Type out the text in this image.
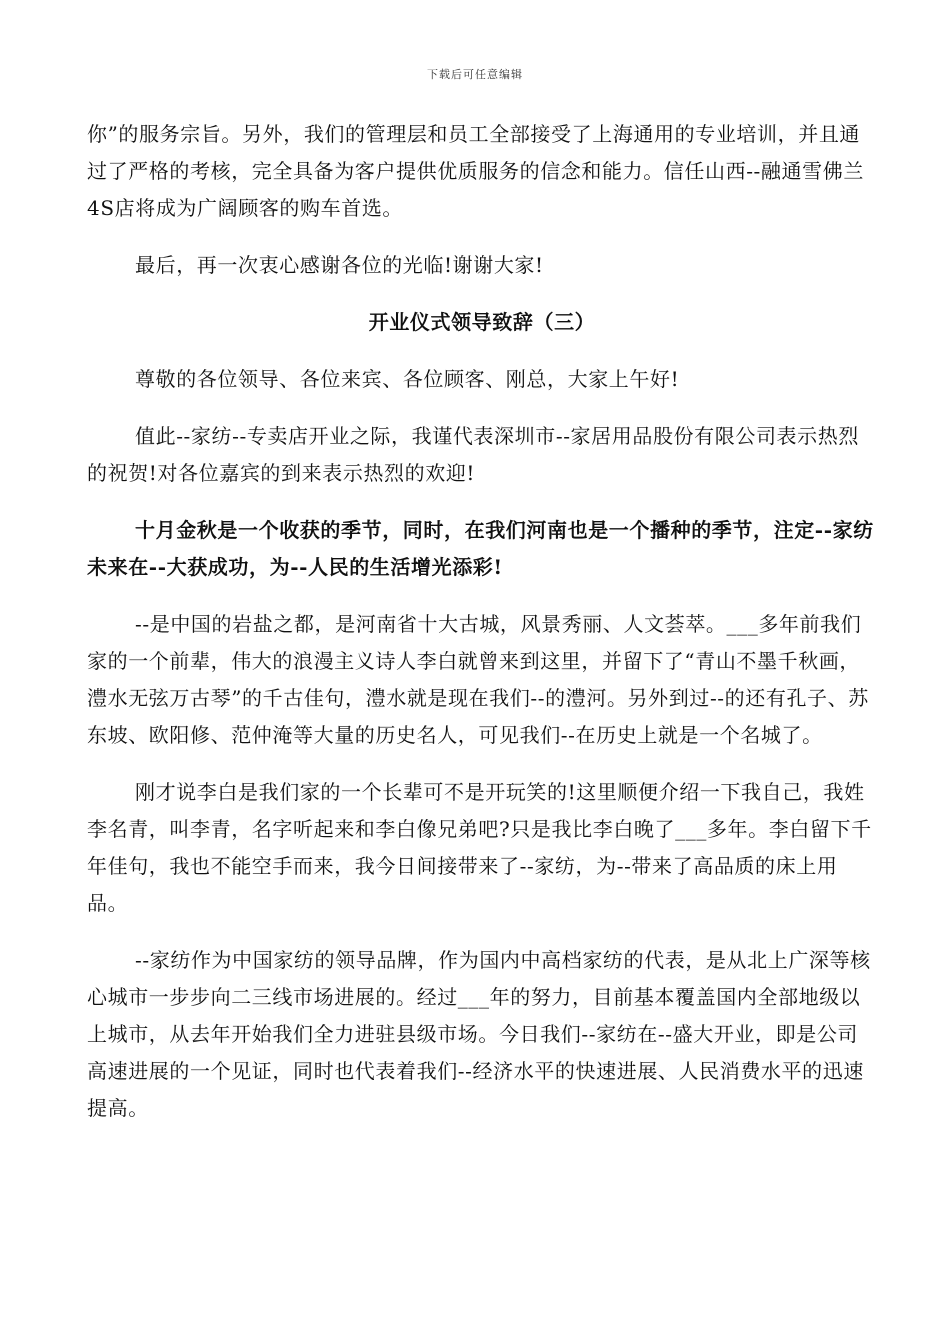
下载后可任意编辑

你”的服务宗旨。另外，我们的管理层和员工全部接受了上海通用的专业培训，并且通过了严格的考核，完全具备为客户提供优质服务的信念和能力。信任山西--融通雪佛兰4S店将成为广阔顾客的购车首选。

最后，再一次衷心感谢各位的光临!谢谢大家!

开业仪式领导致辞（三）

尊敬的各位领导、各位来宾、各位顾客、刚总，大家上午好!

值此--家纺--专卖店开业之际，我谨代表深圳市--家居用品股份有限公司表示热烈的祝贺!对各位嘉宾的到来表示热烈的欢迎!

十月金秋是一个收获的季节，同时，在我们河南也是一个播种的季节，注定--家纺未来在--大获成功，为--人民的生活增光添彩!

--是中国的岩盐之都，是河南省十大古城，风景秀丽、人文荟萃。___多年前我们家的一个前辈，伟大的浪漫主义诗人李白就曾来到这里，并留下了“青山不墨千秋画，澧水无弦万古琴”的千古佳句，澧水就是现在我们--的澧河。另外到过--的还有孔子、苏东坡、欧阳修、范仲淹等大量的历史名人，可见我们--在历史上就是一个名城了。

刚才说李白是我们家的一个长辈可不是开玩笑的!这里顺便介绍一下我自己，我姓李名青，叫李青，名字听起来和李白像兄弟吧?只是我比李白晚了___多年。李白留下千年佳句，我也不能空手而来，我今日间接带来了--家纺，为--带来了高品质的床上用品。

--家纺作为中国家纺的领导品牌，作为国内中高档家纺的代表，是从北上广深等核心城市一步步向二三线市场进展的。经过___年的努力，目前基本覆盖国内全部地级以上城市，从去年开始我们全力进驻县级市场。今日我们--家纺在--盛大开业，即是公司高速进展的一个见证，同时也代表着我们--经济水平的快速进展、人民消费水平的迅速提高。
